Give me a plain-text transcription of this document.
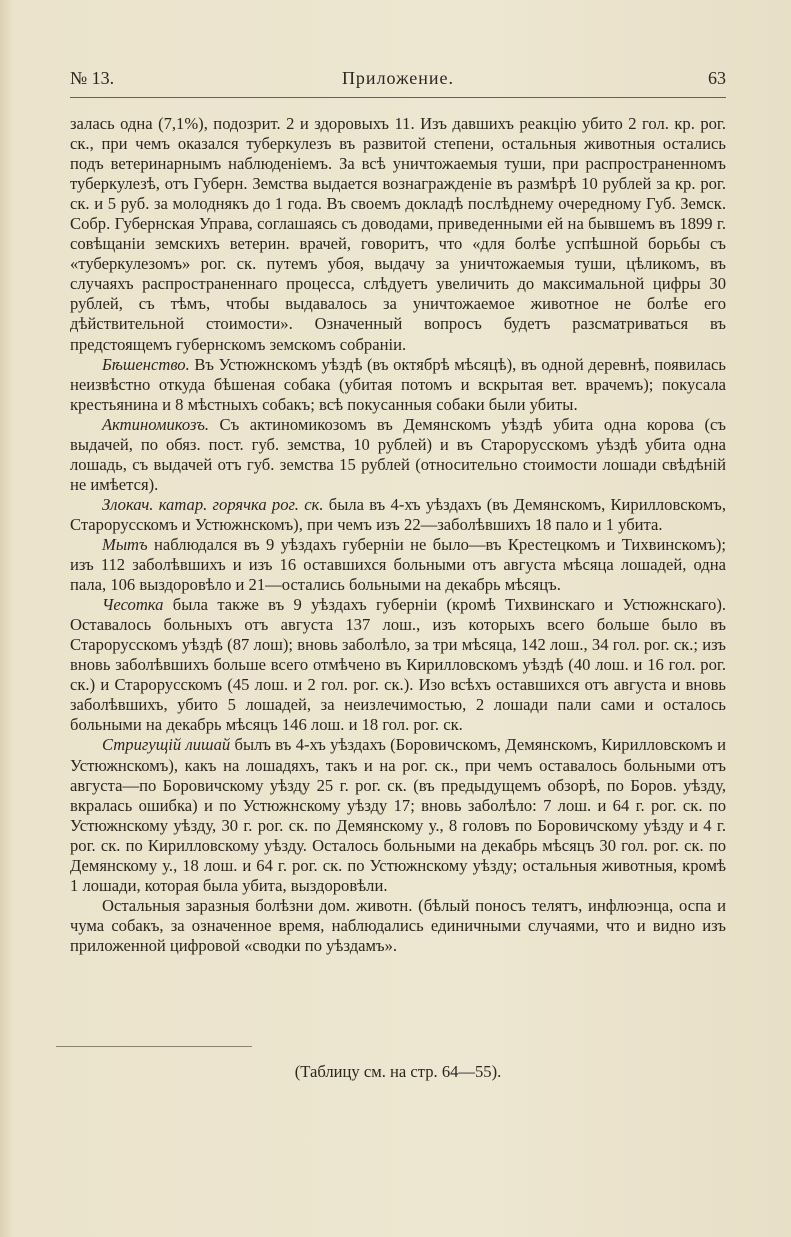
№ 13.	Приложение.	63

залась одна (7,1%), подозрит. 2 и здоровыхъ 11. Изъ давшихъ реакцію убито 2 гол. кр. рог. ск., при чемъ оказался туберкулезъ въ развитой степени, остальныя животныя остались подъ ветеринарнымъ наблюденіемъ. За всѣ уничтожаемыя туши, при распространенномъ туберкулезѣ, отъ Губерн. Земства выдается вознагражденіе въ размѣрѣ 10 рублей за кр. рог. ск. и 5 руб. за молоднякъ до 1 года. Въ своемъ докладѣ послѣднему очередному Губ. Земск. Собр. Губернская Управа, соглашаясь съ доводами, приведенными ей на бывшемъ въ 1899 г. совѣщаніи земскихъ ветерин. врачей, говоритъ, что «для болѣе успѣшной борьбы съ «туберкулезомъ» рог. ск. путемъ убоя, выдачу за уничтожаемыя туши, цѣликомъ, въ случаяхъ распространеннаго процесса, слѣдуетъ увеличить до максимальной цифры 30 рублей, съ тѣмъ, чтобы выдавалось за уничтожаемое животное не болѣе его дѣйствительной стоимости». Означенный вопросъ будетъ разсматриваться въ предстоящемъ губернскомъ земскомъ собраніи.

Бѣшенство. Въ Устюжнскомъ уѣздѣ (въ октябрѣ мѣсяцѣ), въ одной деревнѣ, появилась неизвѣстно откуда бѣшеная собака (убитая потомъ и вскрытая вет. врачемъ); покусала крестьянина и 8 мѣстныхъ собакъ; всѣ покусанныя собаки были убиты.

Актиномикозъ. Съ актиномикозомъ въ Демянскомъ уѣздѣ убита одна корова (съ выдачей, по обяз. пост. губ. земства, 10 рублей) и въ Старорусскомъ уѣздѣ убита одна лошадь, съ выдачей отъ губ. земства 15 рублей (относительно стоимости лошади свѣдѣній не имѣется).

Злокач. катар. горячка рог. ск. была въ 4-хъ уѣздахъ (въ Демянскомъ, Кирилловскомъ, Старорусскомъ и Устюжнскомъ), при чемъ изъ 22—заболѣвшихъ 18 пало и 1 убита.

Мытъ наблюдался въ 9 уѣздахъ губерніи не было—въ Крестецкомъ и Тихвинскомъ); изъ 112 заболѣвшихъ и изъ 16 оставшихся больными отъ августа мѣсяца лошадей, одна пала, 106 выздоровѣло и 21—остались больными на декабрь мѣсяцъ.

Чесотка была также въ 9 уѣздахъ губерніи (кромѣ Тихвинскаго и Устюжнскаго). Оставалось больныхъ отъ августа 137 лош., изъ которыхъ всего больше было въ Старорусскомъ уѣздѣ (87 лош); вновь заболѣло, за три мѣсяца, 142 лош., 34 гол. рог. ск.; изъ вновь заболѣвшихъ больше всего отмѣчено въ Кирилловскомъ уѣздѣ (40 лош. и 16 гол. рог. ск.) и Старорусскомъ (45 лош. и 2 гол. рог. ск.). Изо всѣхъ оставшихся отъ августа и вновь заболѣвшихъ, убито 5 лошадей, за неизлечимостью, 2 лошади пали сами и осталось больными на декабрь мѣсяцъ 146 лош. и 18 гол. рог. ск.

Стригущій лишай былъ въ 4-хъ уѣздахъ (Боровичскомъ, Демянскомъ, Кирилловскомъ и Устюжнскомъ), какъ на лошадяхъ, такъ и на рог. ск., при чемъ оставалось больными отъ августа—по Боровичскому уѣзду 25 г. рог. ск. (въ предыдущемъ обзорѣ, по Боров. уѣзду, вкралась ошибка) и по Устюжнскому уѣзду 17; вновь заболѣло: 7 лош. и 64 г. рог. ск. по Устюжнскому уѣзду, 30 г. рог. ск. по Демянскому у., 8 головъ по Боровичскому уѣзду и 4 г. рог. ск. по Кирилловскому уѣзду. Осталось больными на декабрь мѣсяцъ 30 гол. рог. ск. по Демянскому у., 18 лош. и 64 г. рог. ск. по Устюжнскому уѣзду; остальныя животныя, кромѣ 1 лошади, которая была убита, выздоровѣли.

Остальныя заразныя болѣзни дом. животн. (бѣлый поносъ телятъ, инфлюэнца, оспа и чума собакъ, за означенное время, наблюдались единичными случаями, что и видно изъ приложенной цифровой «сводки по уѣздамъ».

(Таблицу см. на стр. 64—55).
